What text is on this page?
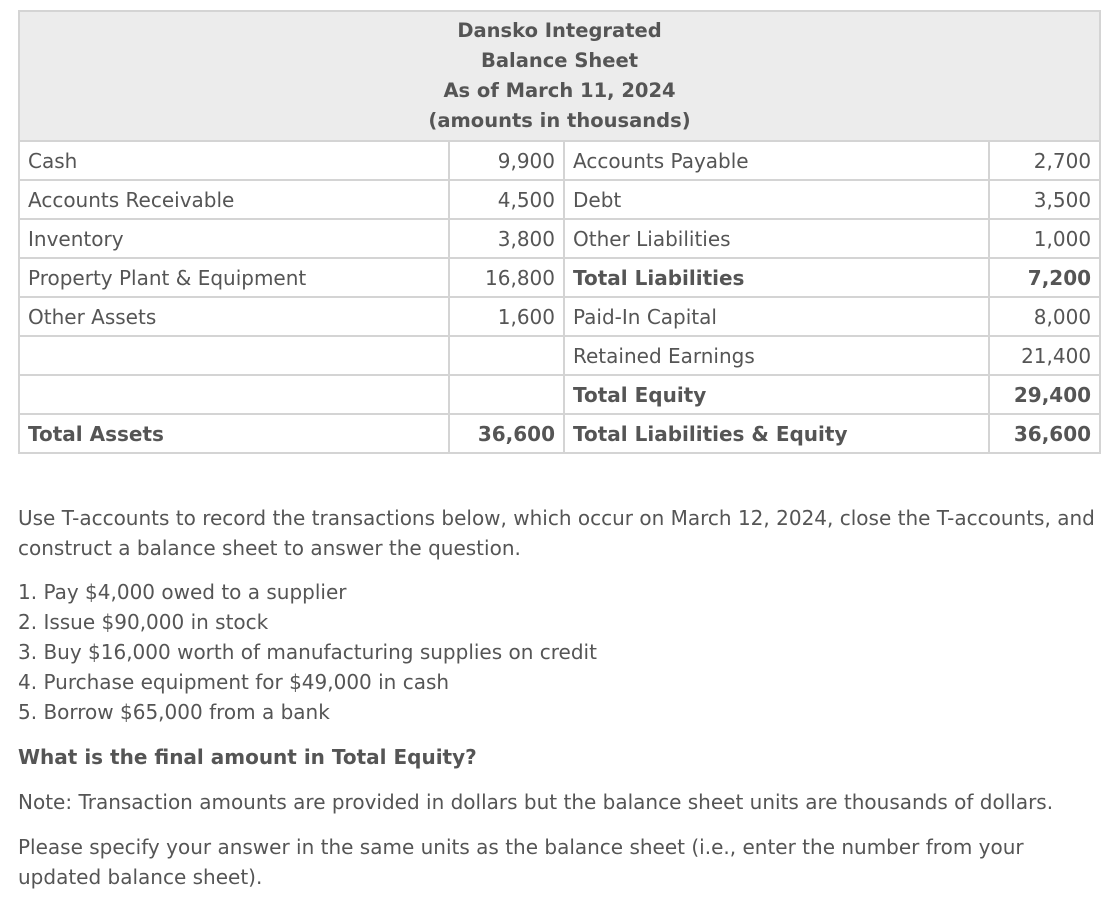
Dansko Integrated
Balance Sheet
As of March 11, 2024
(amounts in thousands)			

Cash	9,900	Accounts Payable	2,700
Accounts Receivable	4,500	Debt	3,500
Inventory	3,800	Other Liabilities	1,000
Property Plant & Equipment	16,800	Total Liabilities	7,200
Other Assets	1,600	Paid-In Capital	8,000
		Retained Earnings	21,400
		Total Equity	29,400
Total Assets	36,600	Total Liabilities & Equity	36,600

Use T-accounts to record the transactions below, which occur on March 12, 2024, close the T-accounts, and construct a balance sheet to answer the question.

1. Pay $4,000 owed to a supplier
2. Issue $90,000 in stock
3. Buy $16,000 worth of manufacturing supplies on credit
4. Purchase equipment for $49,000 in cash
5. Borrow $65,000 from a bank

What is the final amount in Total Equity?

Note: Transaction amounts are provided in dollars but the balance sheet units are thousands of dollars.

Please specify your answer in the same units as the balance sheet (i.e., enter the number from your updated balance sheet).
